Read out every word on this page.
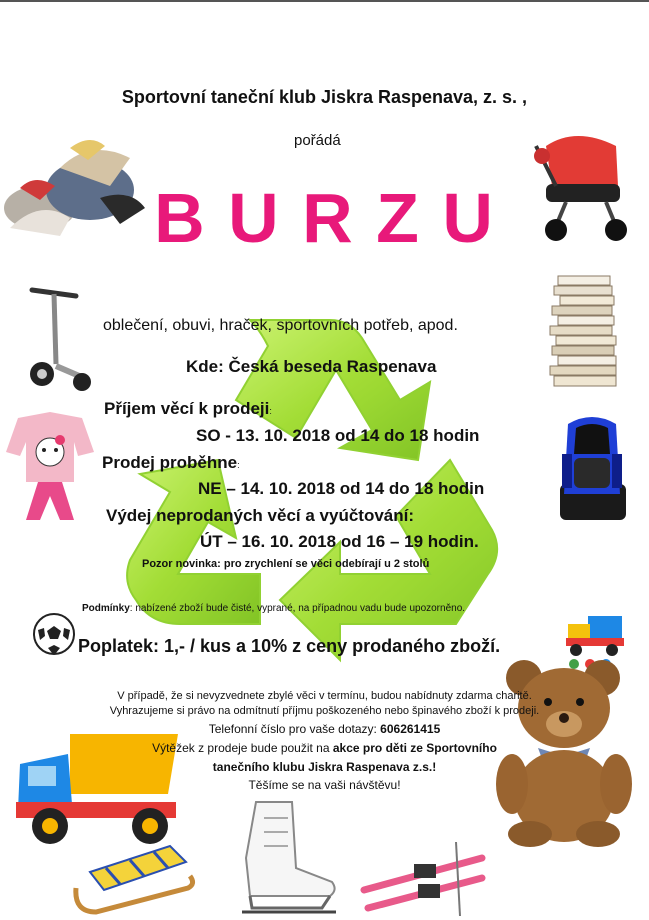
Sportovní taneční klub Jiskra Raspenava, z. s. ,
pořádá
B U R Z U
oblečení, obuvi, hraček, sportovních potřeb, apod.
Kde: Česká beseda Raspenava
Příjem věcí k prodeji:
SO - 13. 10. 2018 od 14 do 18 hodin
Prodej proběhne:
NE – 14. 10. 2018 od 14 do 18 hodin
Výdej neprodaných věcí a vyúčtování:
ÚT – 16. 10. 2018 od 16 – 19 hodin.
Pozor novinka: pro zrychlení se věci odebírají u 2 stolů
Podmínky: nabízené zboží bude čisté, vyprané, na případnou vadu bude upozorněno.
Poplatek: 1,- / kus a 10% z ceny prodaného zboží.
V případě, že si nevyzvednete zbylé věci v termínu, budou nabídnuty zdarma charitě.
Vyhrazujeme si právo na odmítnutí příjmu poškozeného nebo špinavého zboží k prodeji.
Telefonní číslo pro vaše dotazy: 606261415
Výtěžek z prodeje bude použit na akce pro děti ze Sportovního
tanečního klubu Jiskra Raspenava z.s.!
Těšíme se na vaši návštěvu!
